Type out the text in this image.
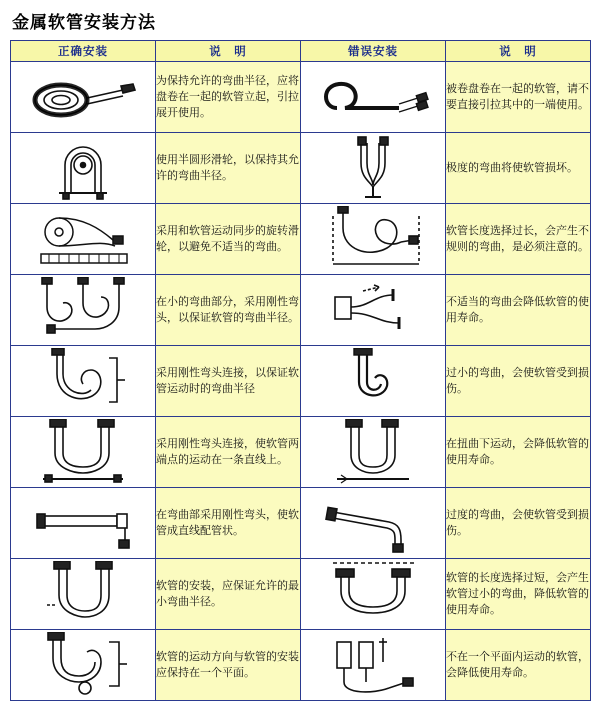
金属软管安装方法
正确安装	说　明	错误安装	说　明

	为保持允许的弯曲半径，应将盘卷在一起的软管立起，引拉展开使用。		被卷盘卷在一起的软管，请不要直接引拉其中的一端使用。

	使用半圆形滑轮，以保持其允许的弯曲半径。		极度的弯曲将使软管损坏。

	采用和软管运动同步的旋转滑轮，以避免不适当的弯曲。		软管长度选择过长，会产生不规则的弯曲，是必须注意的。

	在小的弯曲部分，采用刚性弯头，以保证软管的弯曲半径。		不适当的弯曲会降低软管的使用寿命。

	采用刚性弯头连接，以保证软管运动时的弯曲半径		过小的弯曲，会使软管受到损伤。

	采用刚性弯头连接，使软管两端点的运动在一条直线上。		在扭曲下运动，会降低软管的使用寿命。

	在弯曲部采用刚性弯头，使软管成直线配管状。		过度的弯曲，会使软管受到损伤。

	软管的安装，应保证允许的最小弯曲半径。		软管的长度选择过短，会产生软管过小的弯曲，降低软管的使用寿命。

	软管的运动方向与软管的安装应保持在一个平面。		不在一个平面内运动的软管，会降低使用寿命。
